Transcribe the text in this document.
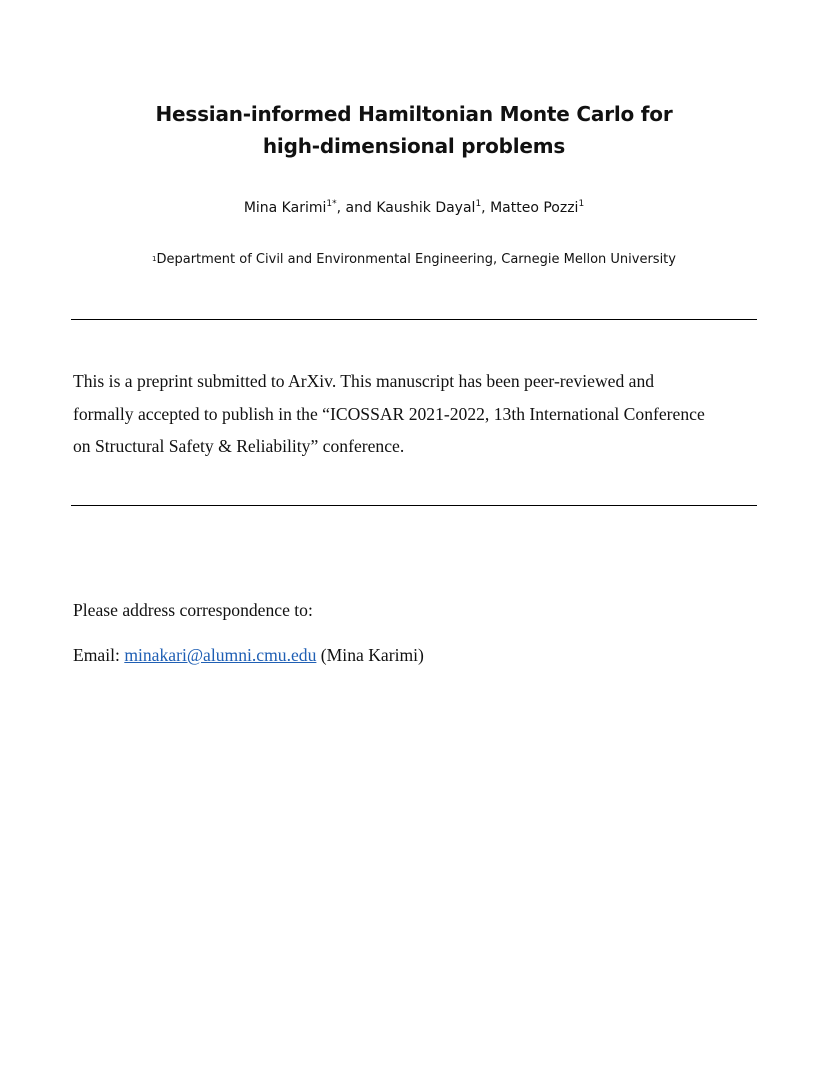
Hessian-informed Hamiltonian Monte Carlo for
high-dimensional problems
Mina Karimi$^{1*}$, and Kaushik Dayal$^1$, Matteo Pozzi$^1$
$^1$Department of Civil and Environmental Engineering, Carnegie Mellon University
This is a preprint submitted to ArXiv. This manuscript has been peer-reviewed and
formally accepted to publish in the “ICOSSAR 2021-2022, 13th International Conference
on Structural Safety & Reliability” conference.
Please address correspondence to:
Email: minakari@alumni.cmu.edu (Mina Karimi)
